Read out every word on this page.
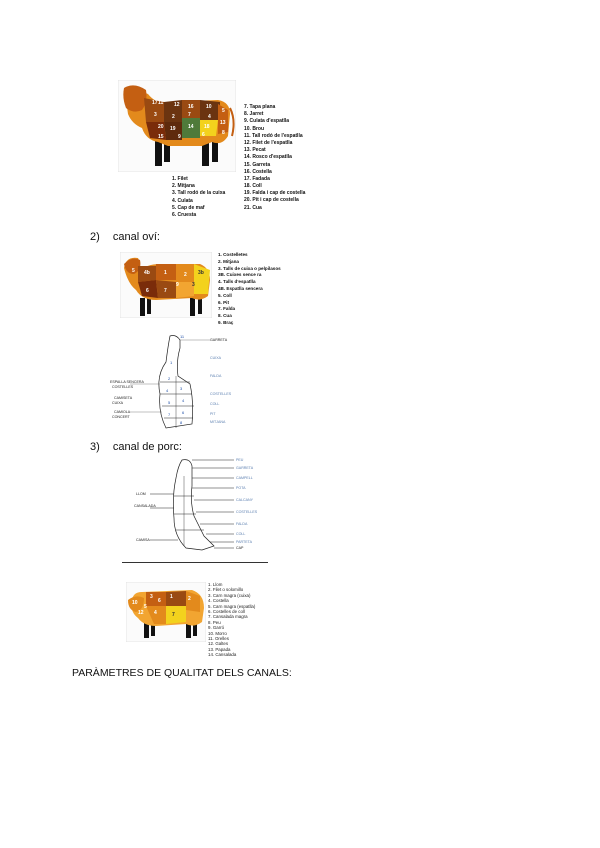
17 11 12 16 10
5
3	2	7	4
20 19 14 18
13
15	9	6	8
7. Tapa plana
8. Jarret
9. Culata d'espatlla
10. Brou
11. Tall rodó de l'espatlla
12. Filet de l'espatlla
13. Pecat
14. Rosco d'espatlla
15. Garreta
16. Costella
17. Fadada
18. Coll
19. Falda i cap de costella
20. Pit i cap de costella
21. Cua
1. Filet
2. Mitjana
3. Tall rodó de la cuixa
4. Culata
5. Cap de maf
6. Cruesta
2) canal oví:
5 4b	1	3b
6	7
9	3
2
1. Costelletes
2. Mitjana
3. Talls de cuixa o pelpilasos
3B. Cuixes sence ra
4. Talls d'espatlla
4B. Espatlla sencera
5. Coll
6. Pit
7. Falda
8. Cua
9. Braç
GARRETA
CUIXA
FALDA
COSTELLES
COLL
PIT
MITJANA
ESPALLA SENCERA
COSTELLES
CAMISETA
CUIXA
CAMIOLA
CONCERT
11
1
2
3
4
4
5
6
7
8
3) canal de porc:
PEU
GARRETA
CAMPELL
POTA
CALCANY
COSTELLES
FALDA
COLL
PARTETA
CAP
LLOM
CANSALADA
CAMISA
3	1	2
7
6
4
5
10
12
1. Llom
2. Filet o solomillo
3. Carn magra (cuixa)
4. Costella
5. Carn magra (espatlla)
6. Costelles de coll
7. Cansalada magra
8. Peu
9. Garró
10. Morro
11. Orelles
12. Galtes
13. Papada
14. Cansalada
PARÀMETRES DE QUALITAT DELS CANALS:
